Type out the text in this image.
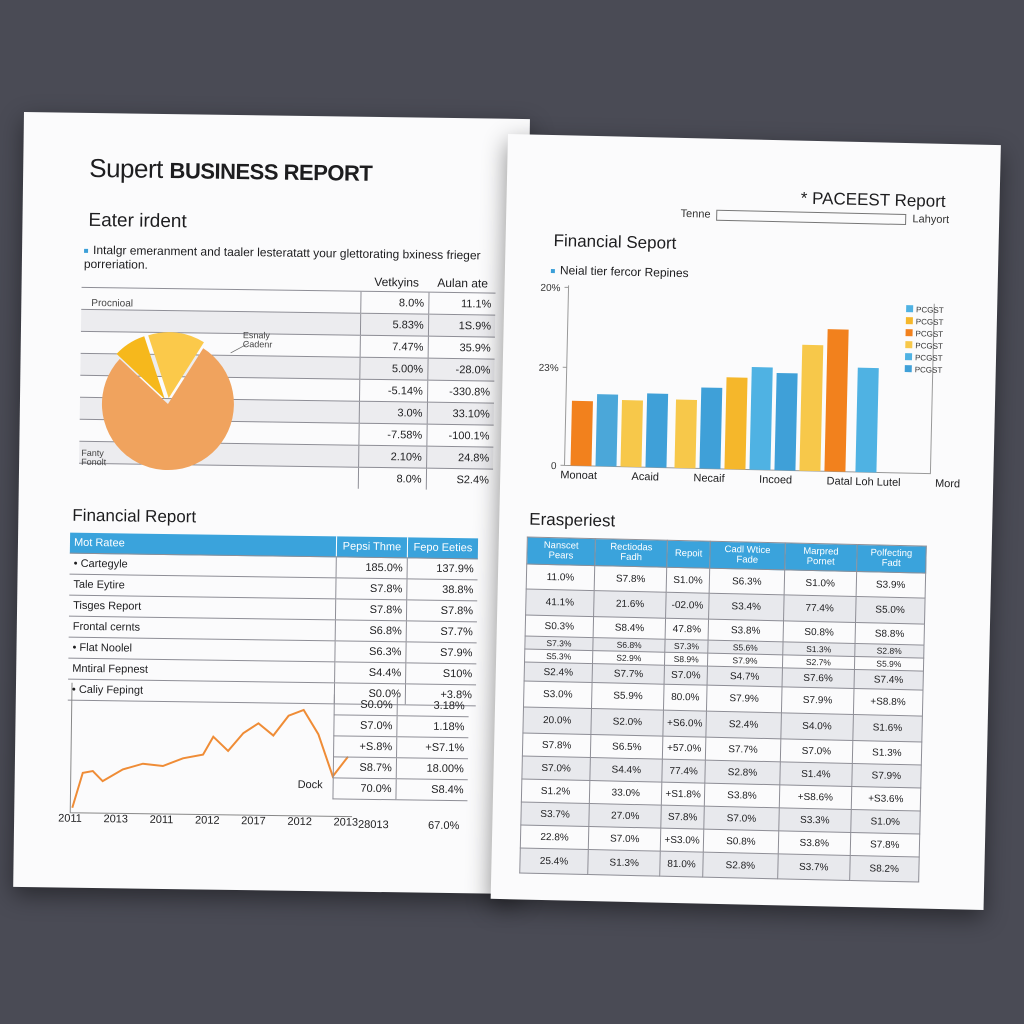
Supert BUSINESS REPORT
Eater irdent
Intalgr emeranment and taaler lesteratatt your glettorating bxiness frieger porreriation.
Vetkyins	Aulan ate
	8.0%	11.1%
	5.83%	1S.9%
	7.47%	35.9%
	5.00%	-28.0%
	-5.14%	-330.8%
	3.0%	33.10%
	-7.58%	-100.1%
	2.10%	24.8%
	8.0%	S2.4%
Procnioal
Esnaly
Cadenr
Fanty
Fonolt
Financial Report
Mot Ratee	Pepsi Thme	Fepo Eeties
• Cartegyle	185.0%	137.9%
Tale Eytire	S7.8%	38.8%
Tisges Report	S7.8%	S7.8%
Frontal cernts	S6.8%	S7.7%
• Flat Noolel	S6.3%	S7.9%
Mntiral Fepnest	S4.4%	S10%
• Caliy Fepingt	S0.0%	+3.8%
Dock
2011 2013 2011 2012 2017 2012 2013
S0.0%	3.18%
S7.0%	1.18%
+S.8%	+S7.1%
S8.7%	18.00%
70.0%	S8.4%
28013	67.0%
* PACEEST Report
Tenne	Lahyort
Financial Seport
Neial tier fercor Repines
20%
23%
0
PCGST
PCGST
PCGST
PCGST
PCGST
PCGST
Monoat	Acaid	Necaif	Incoed	Datal Loh Lutel	Mord
Erasperiest
Nanscet Pears	Rectiodas Fadh	Repoit	Cadl Wtice Fade	Marpred Pornet	Polfecting Fadt
11.0%	S7.8%	S1.0%	S6.3%	S1.0%	S3.9%
41.1%	21.6%	-02.0%	S3.4%	77.4%	S5.0%
S0.3%	S8.4%	47.8%	S3.8%	S0.8%	S8.8%
S7.3%	S6.8%	S7.3%	S5.6%	S1.3%	S2.8%
S5.3%	S2.9%	S8.9%	S7.9%	S2.7%	S5.9%
S2.4%	S7.7%	S7.0%	S4.7%	S7.6%	S7.4%
S3.0%	S5.9%	80.0%	S7.9%	S7.9%	+S8.8%
20.0%	S2.0%	+S6.0%	S2.4%	S4.0%	S1.6%
S7.8%	S6.5%	+57.0%	S7.7%	S7.0%	S1.3%
S7.0%	S4.4%	77.4%	S2.8%	S1.4%	S7.9%
S1.2%	33.0%	+S1.8%	S3.8%	+S8.6%	+S3.6%
S3.7%	27.0%	S7.8%	S7.0%	S3.3%	S1.0%
22.8%	S7.0%	+S3.0%	S0.8%	S3.8%	S7.8%
25.4%	S1.3%	81.0%	S2.8%	S3.7%	S8.2%
